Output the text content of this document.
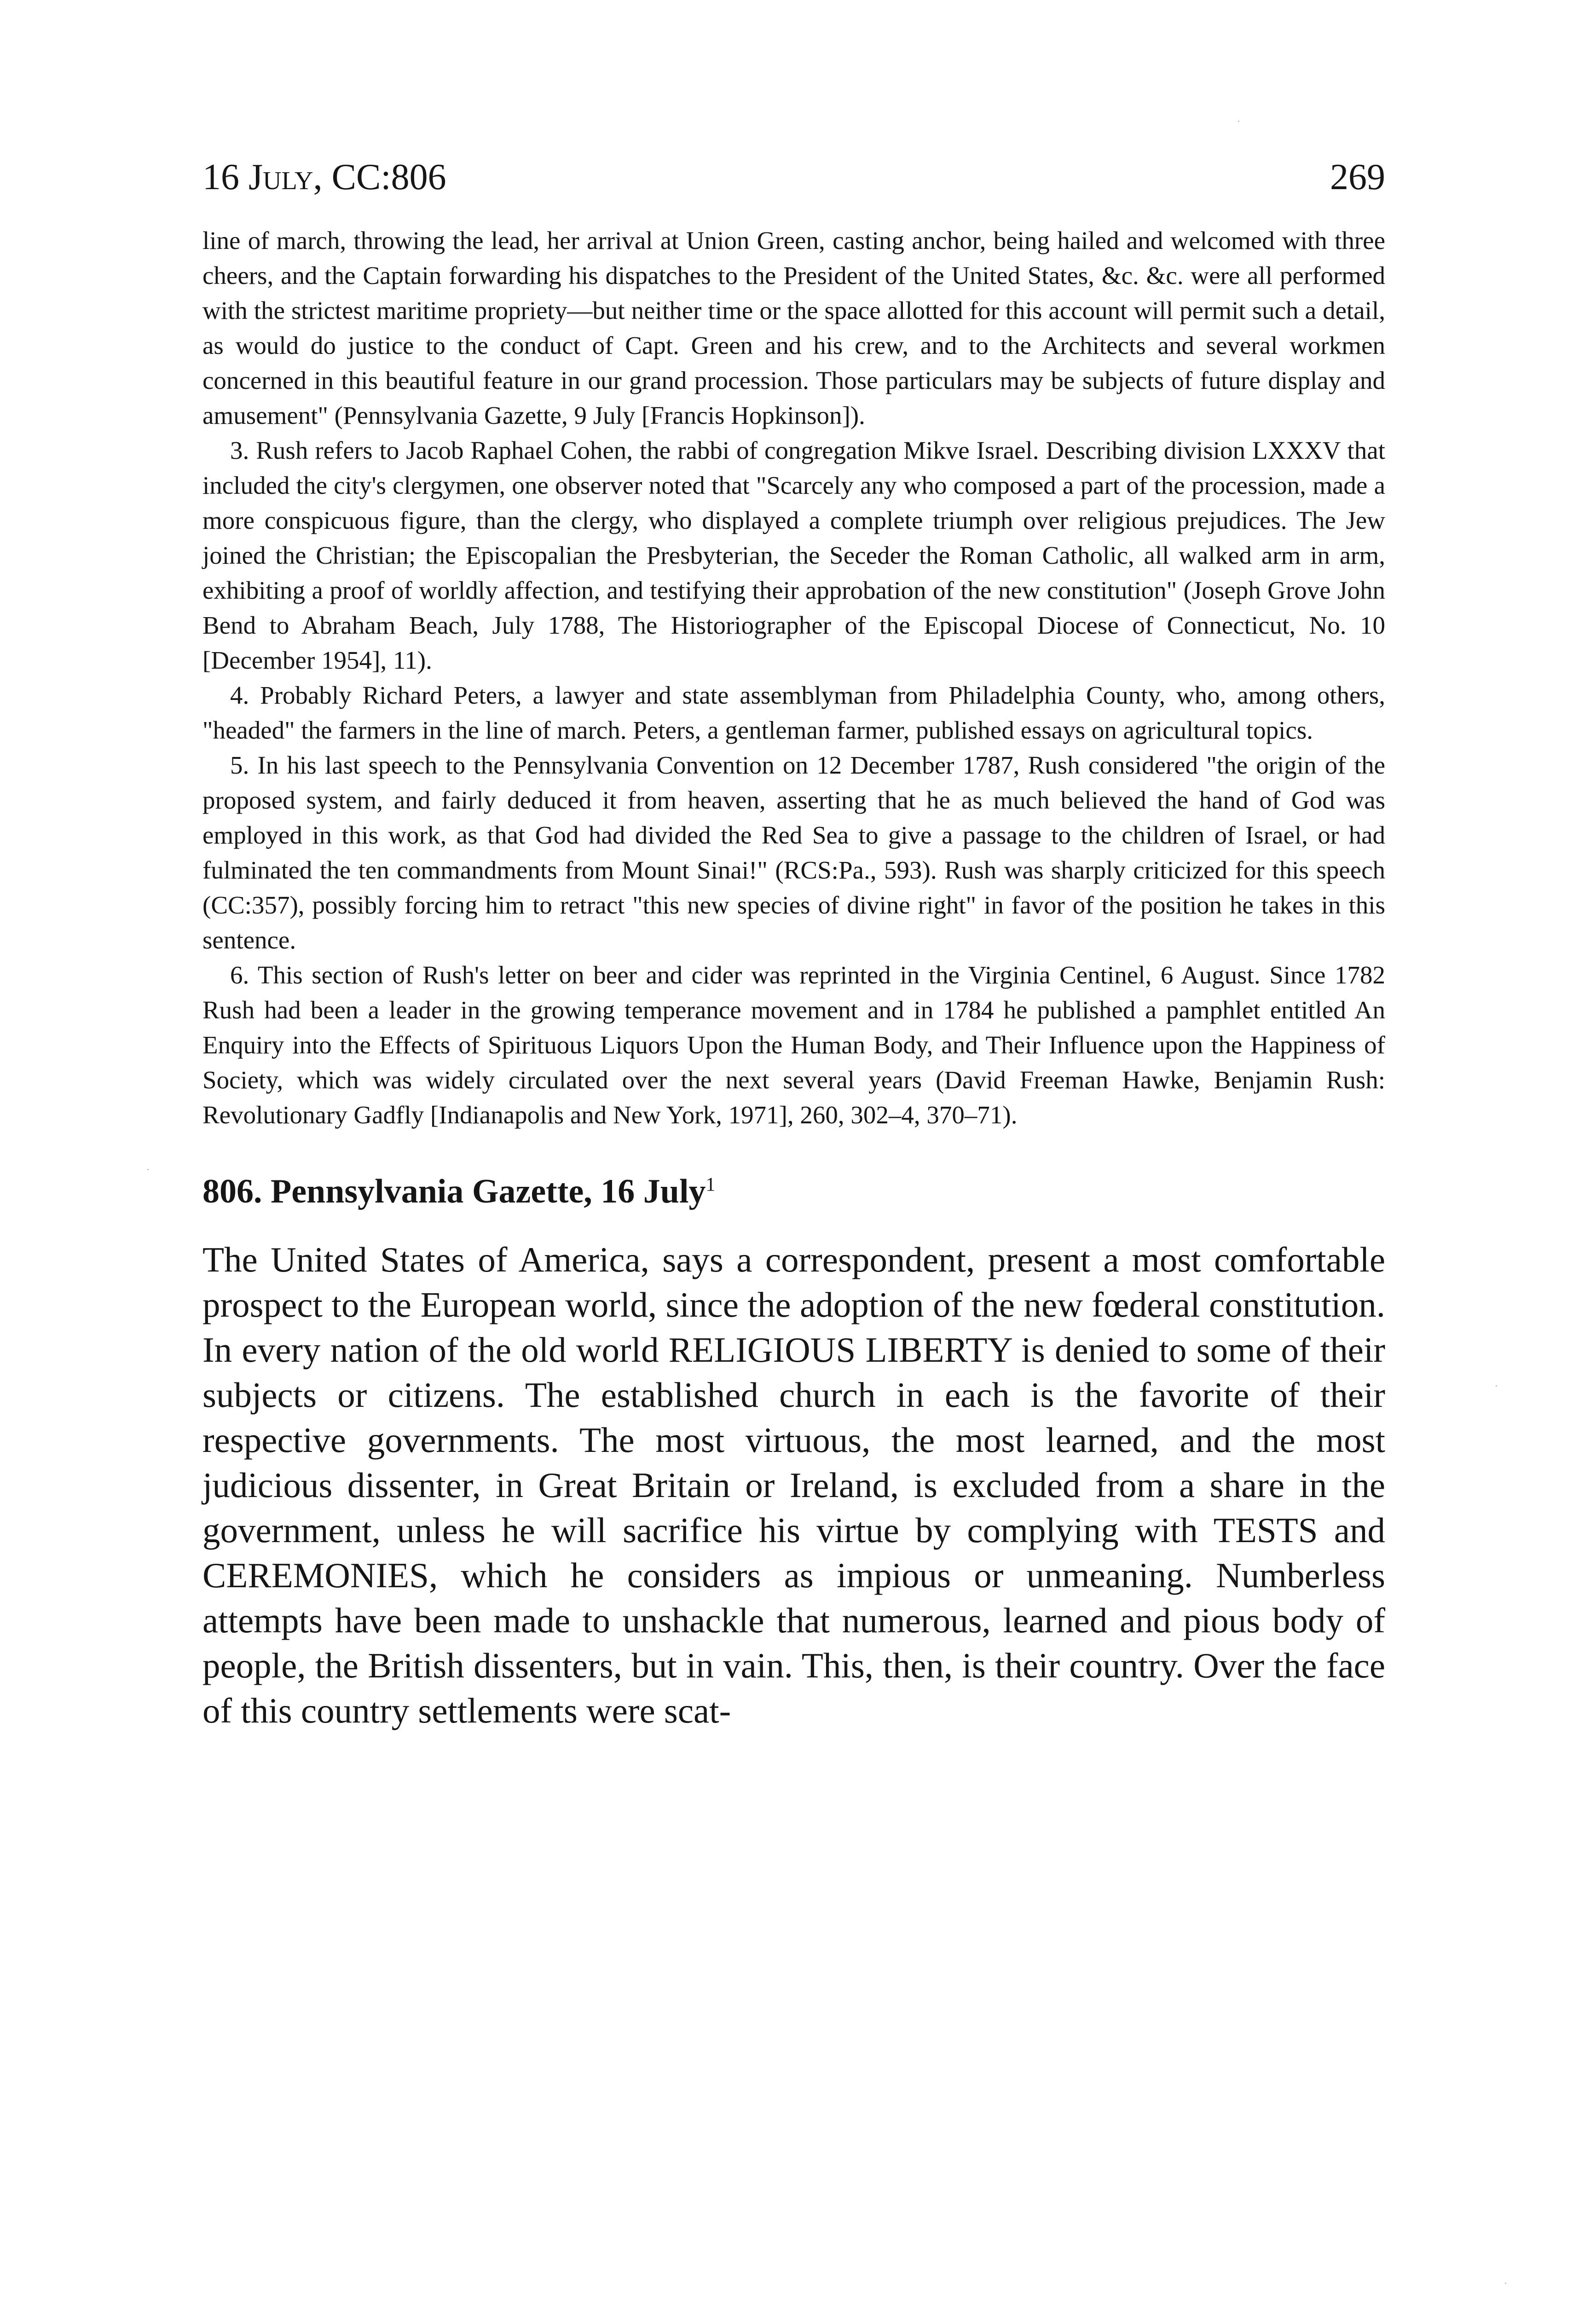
16 July, CC:806	269

line of march, throwing the lead, her arrival at Union Green, casting anchor, being hailed and welcomed with three cheers, and the Captain forwarding his dispatches to the President of the United States, &c. &c. were all performed with the strictest maritime propriety—but neither time or the space allotted for this account will permit such a detail, as would do justice to the conduct of Capt. Green and his crew, and to the Architects and several workmen concerned in this beautiful feature in our grand procession. Those particulars may be subjects of future display and amusement" (Pennsylvania Gazette, 9 July [Francis Hopkinson]).

3. Rush refers to Jacob Raphael Cohen, the rabbi of congregation Mikve Israel. Describing division LXXXV that included the city's clergymen, one observer noted that "Scarcely any who composed a part of the procession, made a more conspicuous figure, than the clergy, who displayed a complete triumph over religious prejudices. The Jew joined the Christian; the Episcopalian the Presbyterian, the Seceder the Roman Catholic, all walked arm in arm, exhibiting a proof of worldly affection, and testifying their approbation of the new constitution" (Joseph Grove John Bend to Abraham Beach, July 1788, The Historiographer of the Episcopal Diocese of Connecticut, No. 10 [December 1954], 11).

4. Probably Richard Peters, a lawyer and state assemblyman from Philadelphia County, who, among others, "headed" the farmers in the line of march. Peters, a gentleman farmer, published essays on agricultural topics.

5. In his last speech to the Pennsylvania Convention on 12 December 1787, Rush considered "the origin of the proposed system, and fairly deduced it from heaven, asserting that he as much believed the hand of God was employed in this work, as that God had divided the Red Sea to give a passage to the children of Israel, or had fulminated the ten commandments from Mount Sinai!" (RCS:Pa., 593). Rush was sharply criticized for this speech (CC:357), possibly forcing him to retract "this new species of divine right" in favor of the position he takes in this sentence.

6. This section of Rush's letter on beer and cider was reprinted in the Virginia Centinel, 6 August. Since 1782 Rush had been a leader in the growing temperance movement and in 1784 he published a pamphlet entitled An Enquiry into the Effects of Spirituous Liquors Upon the Human Body, and Their Influence upon the Happiness of Society, which was widely circulated over the next several years (David Freeman Hawke, Benjamin Rush: Revolutionary Gadfly [Indianapolis and New York, 1971], 260, 302–4, 370–71).

806. Pennsylvania Gazette, 16 July$^1$

The United States of America, says a correspondent, present a most comfortable prospect to the European world, since the adoption of the new fœderal constitution. In every nation of the old world RELIGIOUS LIBERTY is denied to some of their subjects or citizens. The established church in each is the favorite of their respective governments. The most virtuous, the most learned, and the most judicious dissenter, in Great Britain or Ireland, is excluded from a share in the government, unless he will sacrifice his virtue by complying with TESTS and CEREMONIES, which he considers as impious or unmeaning. Numberless attempts have been made to unshackle that numerous, learned and pious body of people, the British dissenters, but in vain. This, then, is their country. Over the face of this country settlements were scat-
